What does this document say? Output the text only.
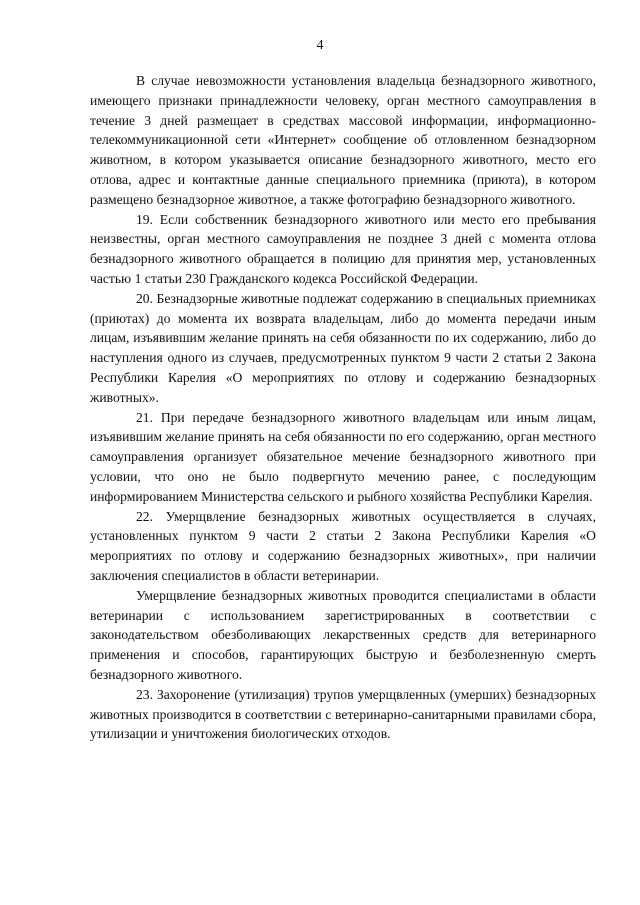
4

В случае невозможности установления владельца безнадзорного животного, имеющего признаки принадлежности человеку, орган местного самоуправления в течение 3 дней размещает в средствах массовой информации, информационно-телекоммуникационной сети «Интернет» сообщение об отловленном безнадзорном животном, в котором указывается описание безнадзорного животного, место его отлова, адрес и контактные данные специального приемника (приюта), в котором размещено безнадзорное животное, а также фотографию безнадзорного животного.

19. Если собственник безнадзорного животного или место его пребывания неизвестны, орган местного самоуправления не позднее 3 дней с момента отлова безнадзорного животного обращается в полицию для принятия мер, установленных частью 1 статьи 230 Гражданского кодекса Российской Федерации.

20. Безнадзорные животные подлежат содержанию в специальных приемниках (приютах) до момента их возврата владельцам, либо до момента передачи иным лицам, изъявившим желание принять на себя обязанности по их содержанию, либо до наступления одного из случаев, предусмотренных пунктом 9 части 2 статьи 2 Закона Республики Карелия «О мероприятиях по отлову и содержанию безнадзорных животных».

21. При передаче безнадзорного животного владельцам или иным лицам, изъявившим желание принять на себя обязанности по его содержанию, орган местного самоуправления организует обязательное мечение безнадзорного животного при условии, что оно не было подвергнуто мечению ранее, с последующим информированием Министерства сельского и рыбного хозяйства Республики Карелия.

22. Умерщвление безнадзорных животных осуществляется в случаях, установленных пунктом 9 части 2 статьи 2 Закона Республики Карелия «О мероприятиях по отлову и содержанию безнадзорных животных», при наличии заключения специалистов в области ветеринарии.

Умерщвление безнадзорных животных проводится специалистами в области ветеринарии с использованием зарегистрированных в соответствии с законодательством обезболивающих лекарственных средств для ветеринарного применения и способов, гарантирующих быструю и безболезненную смерть безнадзорного животного.

23. Захоронение (утилизация) трупов умерщвленных (умерших) безнадзорных животных производится в соответствии с ветеринарно-санитарными правилами сбора, утилизации и уничтожения биологических отходов.
